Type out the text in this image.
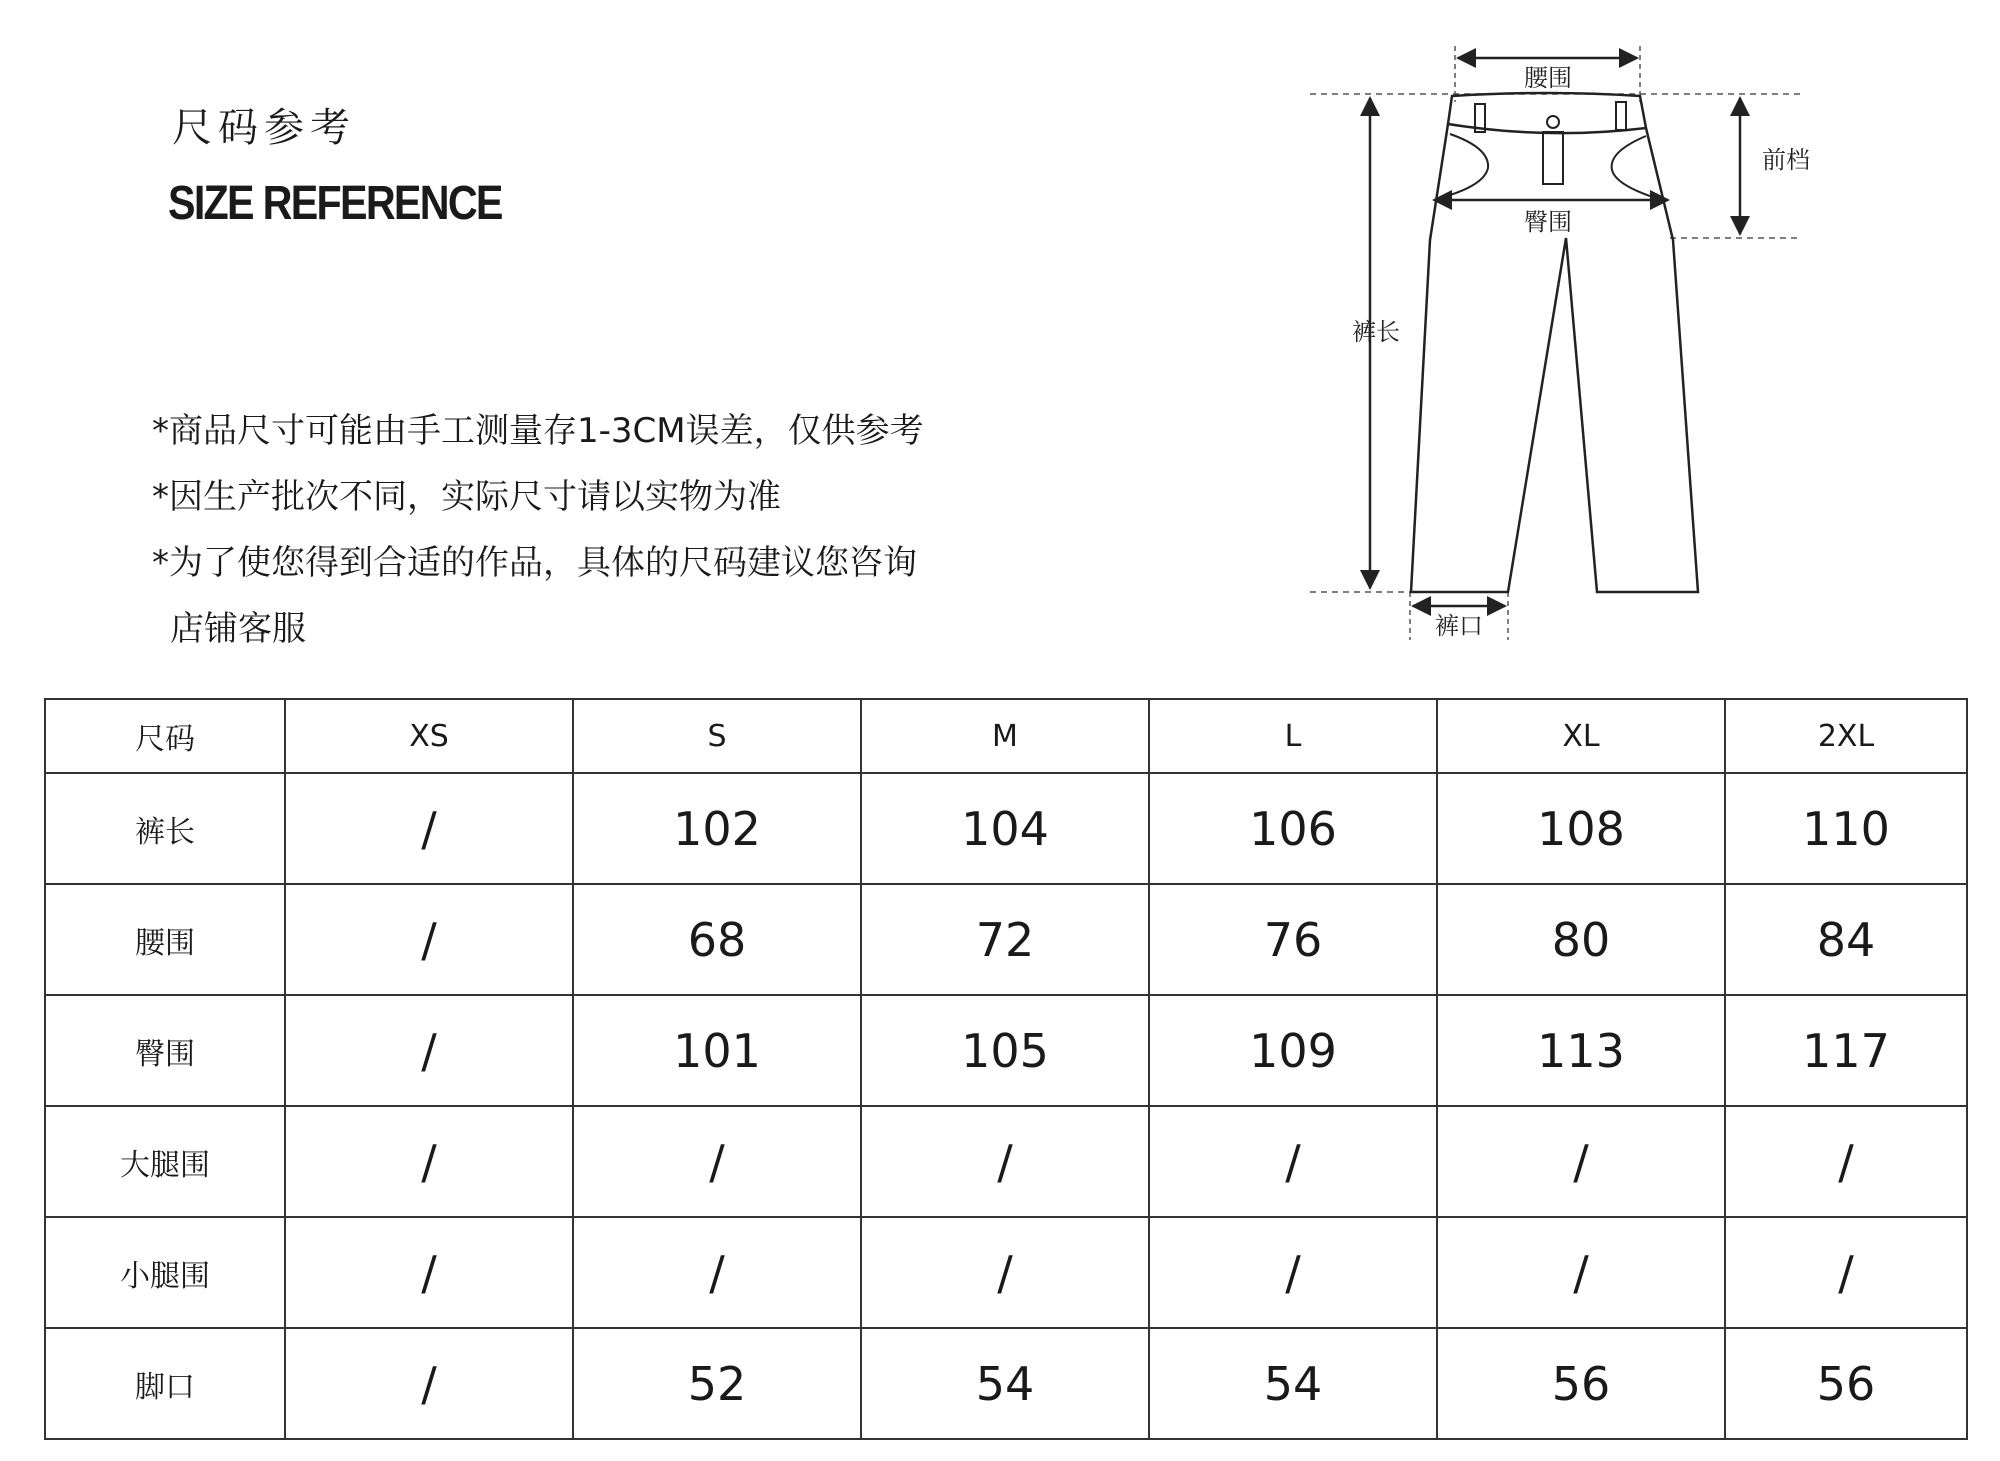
尺码参考
SIZE REFERENCE
*商品尺寸可能由手工测量存1-3CM误差，仅供参考
*因生产批次不同，实际尺寸请以实物为准
*为了使您得到合适的作品，具体的尺码建议您咨询
店铺客服
腰围
前档
臀围
裤长
裤口
尺码	XS	S	M	L	XL	2XL
裤长	/	102	104	106	108	110
腰围	/	68	72	76	80	84
臀围	/	101	105	109	113	117
大腿围	/	/	/	/	/	/
小腿围	/	/	/	/	/	/
脚口	/	52	54	54	56	56
